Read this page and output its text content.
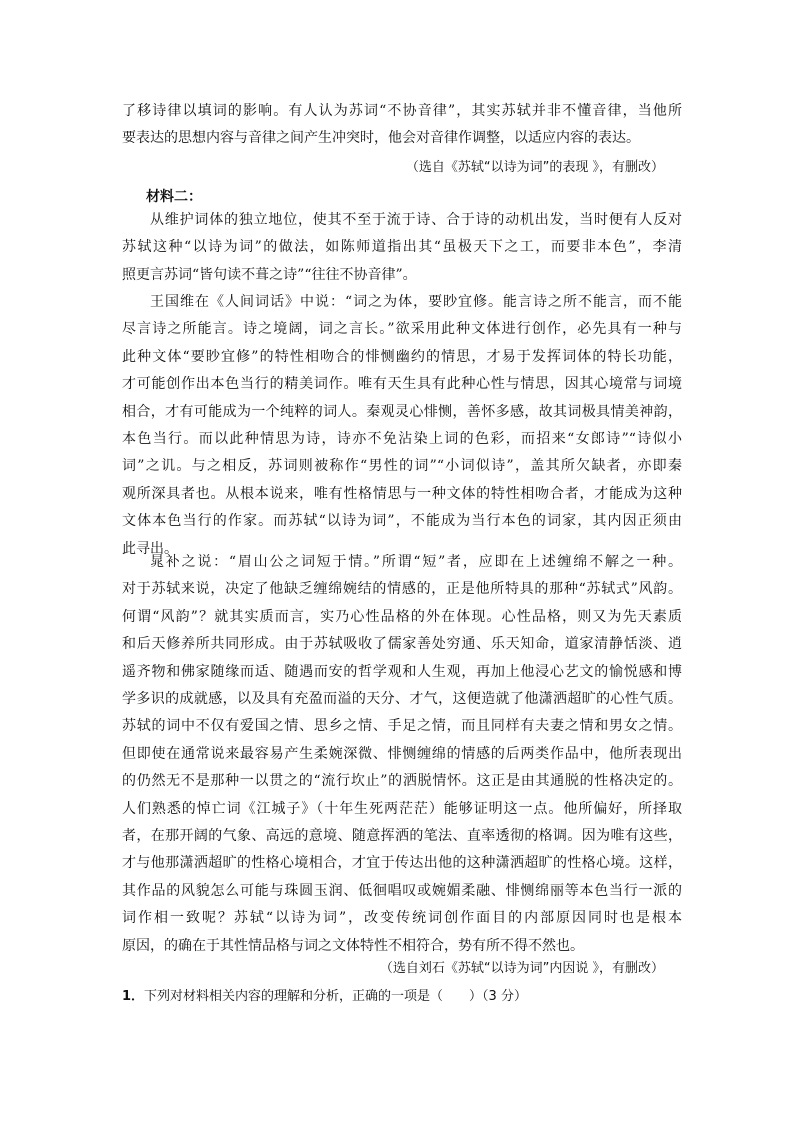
了移诗律以填词的影响。有人认为苏词“不协音律”，其实苏轼并非不懂音律，当他所
要表达的思想内容与音律之间产生冲突时，他会对音律作调整，以适应内容的表达。
（选自《苏轼“以诗为词”的表现 》，有删改）
材料二：
从维护词体的独立地位，使其不至于流于诗、合于诗的动机出发，当时便有人反对
苏轼这种“以诗为词”的做法，如陈师道指出其“虽极天下之工，而要非本色”，李清
照更言苏词“皆句读不葺之诗”“往往不协音律”。
王国维在《人间词话》中说：“词之为体，要眇宜修。能言诗之所不能言，而不能
尽言诗之所能言。诗之境阔，词之言长。”欲采用此种文体进行创作，必先具有一种与
此种文体“要眇宜修”的特性相吻合的悱恻幽约的情思，才易于发挥词体的特长功能，
才可能创作出本色当行的精美词作。唯有天生具有此种心性与情思，因其心境常与词境
相合，才有可能成为一个纯粹的词人。秦观灵心悱恻，善怀多感，故其词极具情美神韵，
本色当行。而以此种情思为诗，诗亦不免沾染上词的色彩，而招来“女郎诗”“诗似小
词”之讥。与之相反，苏词则被称作“男性的词”“小词似诗”，盖其所欠缺者，亦即秦
观所深具者也。从根本说来，唯有性格情思与一种文体的特性相吻合者，才能成为这种
文体本色当行的作家。而苏轼“以诗为词”，不能成为当行本色的词家，其内因正须由
此寻出。
晁补之说：“眉山公之词短于情。”所谓“短”者，应即在上述缠绵不解之一种。
对于苏轼来说，决定了他缺乏缠绵婉结的情感的，正是他所特具的那种“苏轼式”风韵。
何谓“风韵”？就其实质而言，实乃心性品格的外在体现。心性品格，则又为先天素质
和后天修养所共同形成。由于苏轼吸收了儒家善处穷通、乐天知命，道家清静恬淡、逍
遥齐物和佛家随缘而适、随遇而安的哲学观和人生观，再加上他浸心艺文的愉悦感和博
学多识的成就感，以及具有充盈而溢的天分、才气，这便造就了他潇洒超旷的心性气质。
苏轼的词中不仅有爱国之情、思乡之情、手足之情，而且同样有夫妻之情和男女之情。
但即使在通常说来最容易产生柔婉深微、悱恻缠绵的情感的后两类作品中，他所表现出
的仍然无不是那种一以贯之的“流行坎止”的洒脱情怀。这正是由其通脱的性格决定的。
人们熟悉的悼亡词《江城子》（十年生死两茫茫）能够证明这一点。他所偏好，所择取
者，在那开阔的气象、高远的意境、随意挥洒的笔法、直率透彻的格调。因为唯有这些，
才与他那潇洒超旷的性格心境相合，才宜于传达出他的这种潇洒超旷的性格心境。这样，
其作品的风貌怎么可能与珠圆玉润、低徊唱叹或婉媚柔融、悱恻绵丽等本色当行一派的
词作相一致呢？苏轼“以诗为词”，改变传统词创作面目的内部原因同时也是根本
原因，的确在于其性情品格与词之文体特性不相符合，势有所不得不然也。
（选自刘石《苏轼“以诗为词”内因说 》，有删改）
1．下列对材料相关内容的理解和分析，正确的一项是（　　）（3 分）
